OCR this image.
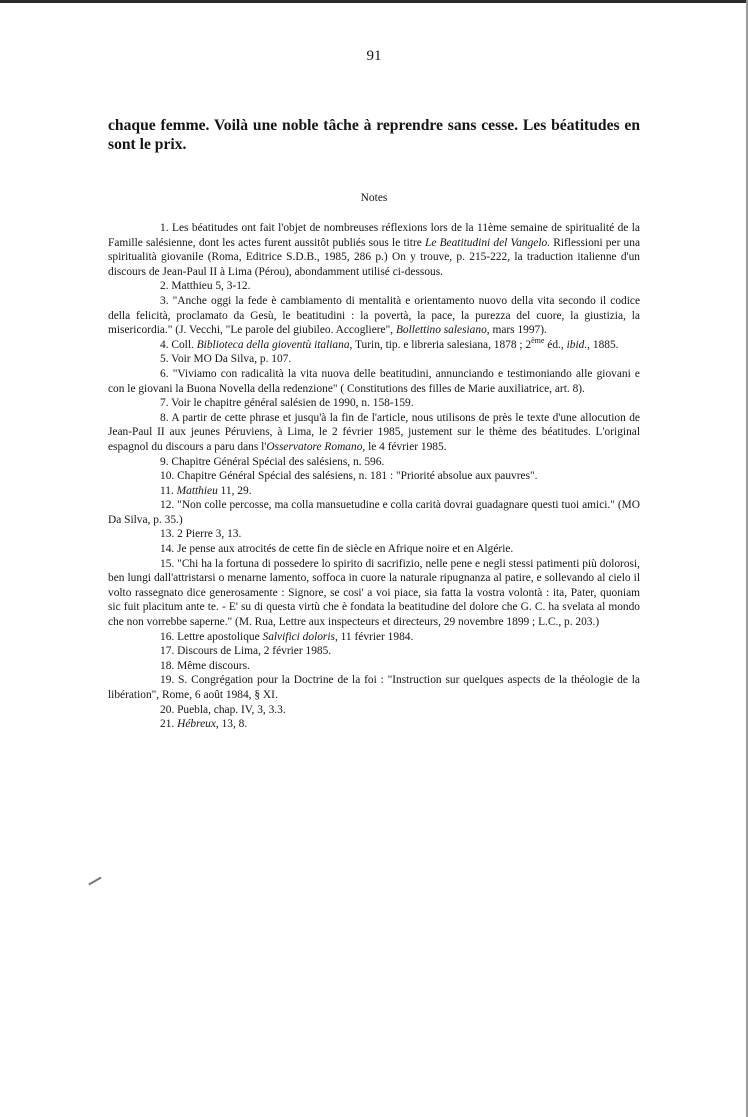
91

chaque femme. Voilà une noble tâche à reprendre sans cesse. Les béatitudes en sont le prix.

Notes

1. Les béatitudes ont fait l'objet de nombreuses réflexions lors de la 11ème semaine de spiritualité de la Famille salésienne, dont les actes furent aussitôt publiés sous le titre Le Beatitudini del Vangelo. Riflessioni per una spiritualità giovanile (Roma, Editrice S.D.B., 1985, 286 p.) On y trouve, p. 215-222, la traduction italienne d'un discours de Jean-Paul II à Lima (Pérou), abondamment utilisé ci-dessous.

2. Matthieu 5, 3-12.

3. "Anche oggi la fede è cambiamento di mentalità e orientamento nuovo della vita secondo il codice della felicità, proclamato da Gesù, le beatitudini : la povertà, la pace, la purezza del cuore, la giustizia, la misericordia." (J. Vecchi, "Le parole del giubileo. Accogliere", Bollettino salesiano, mars 1997).

4. Coll. Biblioteca della gioventù italiana, Turin, tip. e libreria salesiana, 1878 ; 2ème éd., ibid., 1885.

5. Voir MO Da Silva, p. 107.

6. "Viviamo con radicalità la vita nuova delle beatitudini, annunciando e testimoniando alle giovani e con le giovani la Buona Novella della redenzione" ( Constitutions des filles de Marie auxiliatrice, art. 8).

7. Voir le chapitre général salésien de 1990, n. 158-159.

8. A partir de cette phrase et jusqu'à la fin de l'article, nous utilisons de près le texte d'une allocution de Jean-Paul II aux jeunes Péruviens, à Lima, le 2 février 1985, justement sur le thème des béatitudes. L'original espagnol du discours a paru dans l'Osservatore Romano, le 4 février 1985.

9. Chapitre Général Spécial des salésiens, n. 596.

10. Chapitre Général Spécial des salésiens, n. 181 : "Priorité absolue aux pauvres".

11. Matthieu 11, 29.

12. "Non colle percosse, ma colla mansuetudine e colla carità dovrai guadagnare questi tuoi amici." (MO Da Silva, p. 35.)

13. 2 Pierre 3, 13.

14. Je pense aux atrocités de cette fin de siècle en Afrique noire et en Algérie.

15. "Chi ha la fortuna di possedere lo spirito di sacrifizio, nelle pene e negli stessi patimenti più dolorosi, ben lungi dall'attristarsi o menarne lamento, soffoca in cuore la naturale ripugnanza al patire, e sollevando al cielo il volto rassegnato dice generosamente : Signore, se cosi' a voi piace, sia fatta la vostra volontà : ita, Pater, quoniam sic fuit placitum ante te. - E' su di questa virtù che è fondata la beatitudine del dolore che G. C. ha svelata al mondo che non vorrebbe saperne." (M. Rua, Lettre aux inspecteurs et directeurs, 29 novembre 1899 ; L.C., p. 203.)

16. Lettre apostolique Salvifici doloris, 11 février 1984.

17. Discours de Lima, 2 février 1985.

18. Même discours.

19. S. Congrégation pour la Doctrine de la foi : "Instruction sur quelques aspects de la théologie de la libération", Rome, 6 août 1984, § XI.

20. Puebla, chap. IV, 3, 3.3.

21. Hébreux, 13, 8.
